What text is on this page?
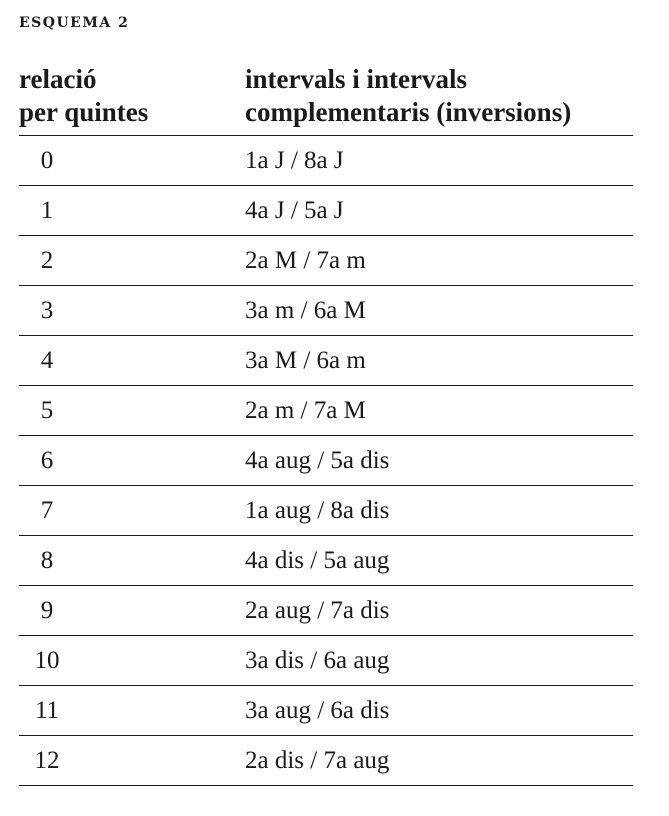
ESQUEMA 2
relació
per quintes
intervals i intervals
complementaris (inversions)
0	1a J / 8a J
1	4a J / 5a J
2	2a M / 7a m
3	3a m / 6a M
4	3a M / 6a m
5	2a m / 7a M
6	4a aug / 5a dis
7	1a aug / 8a dis
8	4a dis / 5a aug
9	2a aug / 7a dis
10	3a dis / 6a aug
11	3a aug / 6a dis
12	2a dis / 7a aug
